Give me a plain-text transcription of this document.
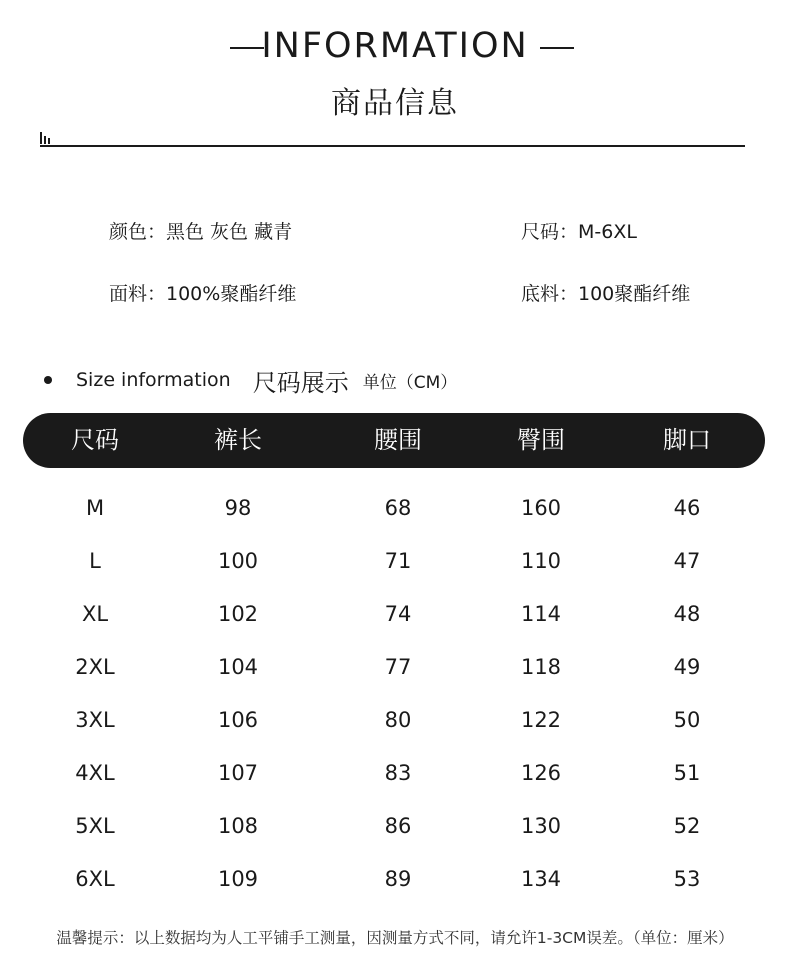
INFORMATION
商品信息
颜色：黑色 灰色 藏青	尺码：M-6XL
面料：100%聚酯纤维	底料：100聚酯纤维
Size information 尺码展示 单位（CM）
尺码	裤长	腰围	臀围	脚口
M	98	68	160	46
L	100	71	110	47
XL	102	74	114	48
2XL	104	77	118	49
3XL	106	80	122	50
4XL	107	83	126	51
5XL	108	86	130	52
6XL	109	89	134	53
温馨提示：以上数据均为人工平铺手工测量，因测量方式不同，请允许1-3CM误差。（单位：厘米）
